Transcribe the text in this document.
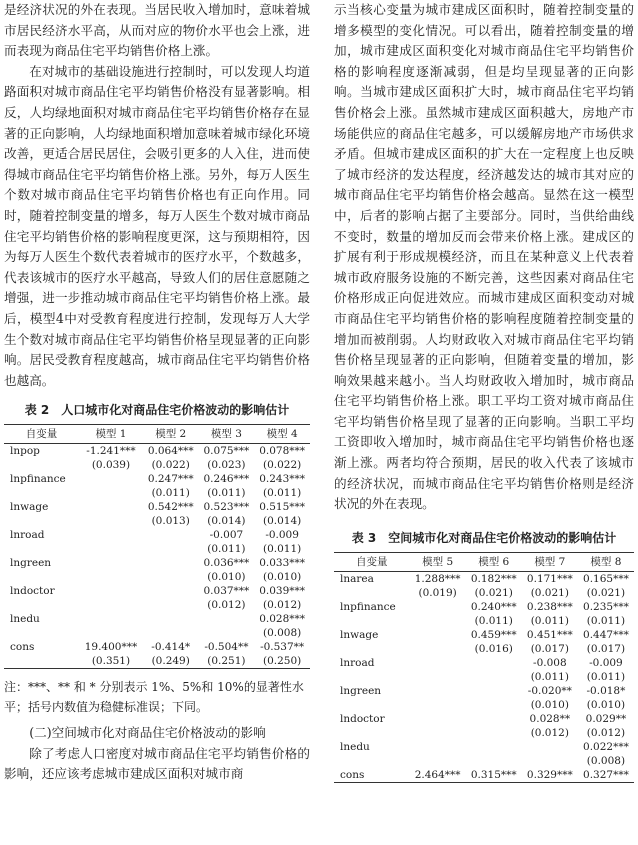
是经济状况的外在表现。当居民收入增加时，意味着城市居民经济水平高，从而对应的物价水平也会上涨，进而表现为商品住宅平均销售价格上涨。

在对城市的基础设施进行控制时，可以发现人均道路面积对城市商品住宅平均销售价格没有显著影响。相反，人均绿地面积对城市商品住宅平均销售价格存在显著的正向影响，人均绿地面积增加意味着城市绿化环境改善，更适合居民居住，会吸引更多的人入住，进而使得城市商品住宅平均销售价格上涨。另外，每万人医生个数对城市商品住宅平均销售价格也有正向作用。同时，随着控制变量的增多，每万人医生个数对城市商品住宅平均销售价格的影响程度更深，这与预期相符，因为每万人医生个数代表着城市的医疗水平，个数越多，代表该城市的医疗水平越高，导致人们的居住意愿随之增强，进一步推动城市商品住宅平均销售价格上涨。最后，模型4中对受教育程度进行控制，发现每万人大学生个数对城市商品住宅平均销售价格呈现显著的正向影响。居民受教育程度越高，城市商品住宅平均销售价格也越高。

表 2　人口城市化对商品住宅价格波动的影响估计
自变量	模型 1	模型 2	模型 3	模型 4
lnpop	-1.241***	0.064***	0.075***	0.078***
	(0.039)	(0.022)	(0.023)	(0.022)
lnpfinance		0.247***	0.246***	0.243***
		(0.011)	(0.011)	(0.011)
lnwage		0.542***	0.523***	0.515***
		(0.013)	(0.014)	(0.014)
lnroad			-0.007	-0.009
			(0.011)	(0.011)
lngreen			0.036***	0.033***
			(0.010)	(0.010)
lndoctor			0.037***	0.039***
			(0.012)	(0.012)
lnedu				0.028***
				(0.008)
cons	19.400***	-0.414*	-0.504**	-0.537**
	(0.351)	(0.249)	(0.251)	(0.250)

注：***、** 和 * 分别表示 1%、5%和 10%的显著性水平；括号内数值为稳健标准误；下同。

(二)空间城市化对商品住宅价格波动的影响

除了考虑人口密度对城市商品住宅平均销售价格的影响，还应该考虑城市建成区面积对城市商

示当核心变量为城市建成区面积时，随着控制变量的增多模型的变化情况。可以看出，随着控制变量的增加，城市建成区面积变化对城市商品住宅平均销售价格的影响程度逐渐减弱，但是均呈现显著的正向影响。当城市建成区面积扩大时，城市商品住宅平均销售价格会上涨。虽然城市建成区面积越大，房地产市场能供应的商品住宅越多，可以缓解房地产市场供求矛盾。但城市建成区面积的扩大在一定程度上也反映了城市经济的发达程度，经济越发达的城市其对应的城市商品住宅平均销售价格会越高。显然在这一模型中，后者的影响占据了主要部分。同时，当供给曲线不变时，数量的增加反而会带来价格上涨。建成区的扩展有利于形成规模经济，而且在某种意义上代表着城市政府服务设施的不断完善，这些因素对商品住宅价格形成正向促进效应。而城市建成区面积变动对城市商品住宅平均销售价格的影响程度随着控制变量的增加而被削弱。人均财政收入对城市商品住宅平均销售价格呈现显著的正向影响，但随着变量的增加，影响效果越来越小。当人均财政收入增加时，城市商品住宅平均销售价格上涨。职工平均工资对城市商品住宅平均销售价格呈现了显著的正向影响。当职工平均工资即收入增加时，城市商品住宅平均销售价格也逐渐上涨。两者均符合预期，居民的收入代表了该城市的经济状况，而城市商品住宅平均销售价格则是经济状况的外在表现。

表 3　空间城市化对商品住宅价格波动的影响估计
自变量	模型 5	模型 6	模型 7	模型 8
lnarea	1.288***	0.182***	0.171***	0.165***
	(0.019)	(0.021)	(0.021)	(0.021)
lnpfinance		0.240***	0.238***	0.235***
		(0.011)	(0.011)	(0.011)
lnwage		0.459***	0.451***	0.447***
		(0.016)	(0.017)	(0.017)
lnroad			-0.008	-0.009
			(0.011)	(0.011)
lngreen			-0.020**	-0.018*
			(0.010)	(0.010)
lndoctor			0.028**	0.029**
			(0.012)	(0.012)
lnedu				0.022***
				(0.008)
cons	2.464***	0.315***	0.329***	0.327***
